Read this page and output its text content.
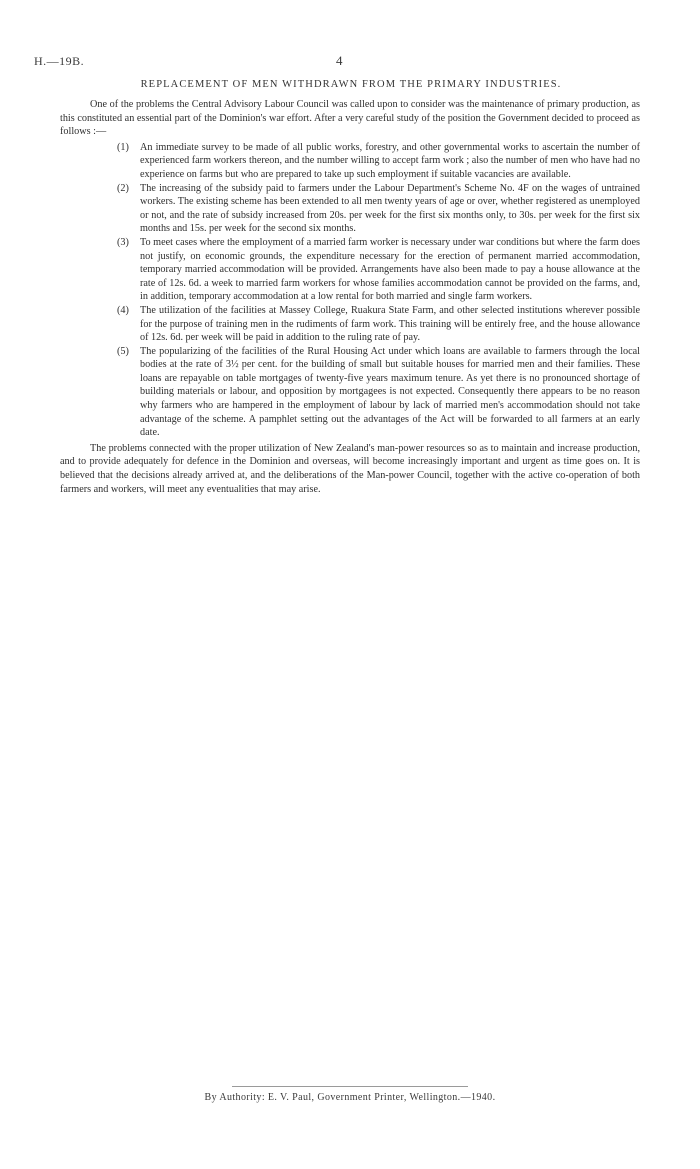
H.—19B.	4
REPLACEMENT OF MEN WITHDRAWN FROM THE PRIMARY INDUSTRIES.

One of the problems the Central Advisory Labour Council was called upon to consider was the maintenance of primary production, as this constituted an essential part of the Dominion's war effort. After a very careful study of the position the Government decided to proceed as follows :—

(1) An immediate survey to be made of all public works, forestry, and other governmental works to ascertain the number of experienced farm workers thereon, and the number willing to accept farm work ; also the number of men who have had no experience on farms but who are prepared to take up such employment if suitable vacancies are available.
(2) The increasing of the subsidy paid to farmers under the Labour Department's Scheme No. 4F on the wages of untrained workers. The existing scheme has been extended to all men twenty years of age or over, whether registered as unemployed or not, and the rate of subsidy increased from 20s. per week for the first six months only, to 30s. per week for the first six months and 15s. per week for the second six months.
(3) To meet cases where the employment of a married farm worker is necessary under war conditions but where the farm does not justify, on economic grounds, the expenditure necessary for the erection of permanent married accommodation, temporary married accommodation will be provided. Arrangements have also been made to pay a house allowance at the rate of 12s. 6d. a week to married farm workers for whose families accommodation cannot be provided on the farms, and, in addition, temporary accommodation at a low rental for both married and single farm workers.
(4) The utilization of the facilities at Massey College, Ruakura State Farm, and other selected institutions wherever possible for the purpose of training men in the rudiments of farm work. This training will be entirely free, and the house allowance of 12s. 6d. per week will be paid in addition to the ruling rate of pay.
(5) The popularizing of the facilities of the Rural Housing Act under which loans are available to farmers through the local bodies at the rate of 3½ per cent. for the building of small but suitable houses for married men and their families. These loans are repayable on table mortgages of twenty-five years maximum tenure. As yet there is no pronounced shortage of building materials or labour, and opposition by mortgagees is not expected. Consequently there appears to be no reason why farmers who are hampered in the employment of labour by lack of married men's accommodation should not take advantage of the scheme. A pamphlet setting out the advantages of the Act will be forwarded to all farmers at an early date.

The problems connected with the proper utilization of New Zealand's man-power resources so as to maintain and increase production, and to provide adequately for defence in the Dominion and overseas, will become increasingly important and urgent as time goes on. It is believed that the decisions already arrived at, and the deliberations of the Man-power Council, together with the active co-operation of both farmers and workers, will meet any eventualities that may arise.

By Authority: E. V. Paul, Government Printer, Wellington.—1940.
